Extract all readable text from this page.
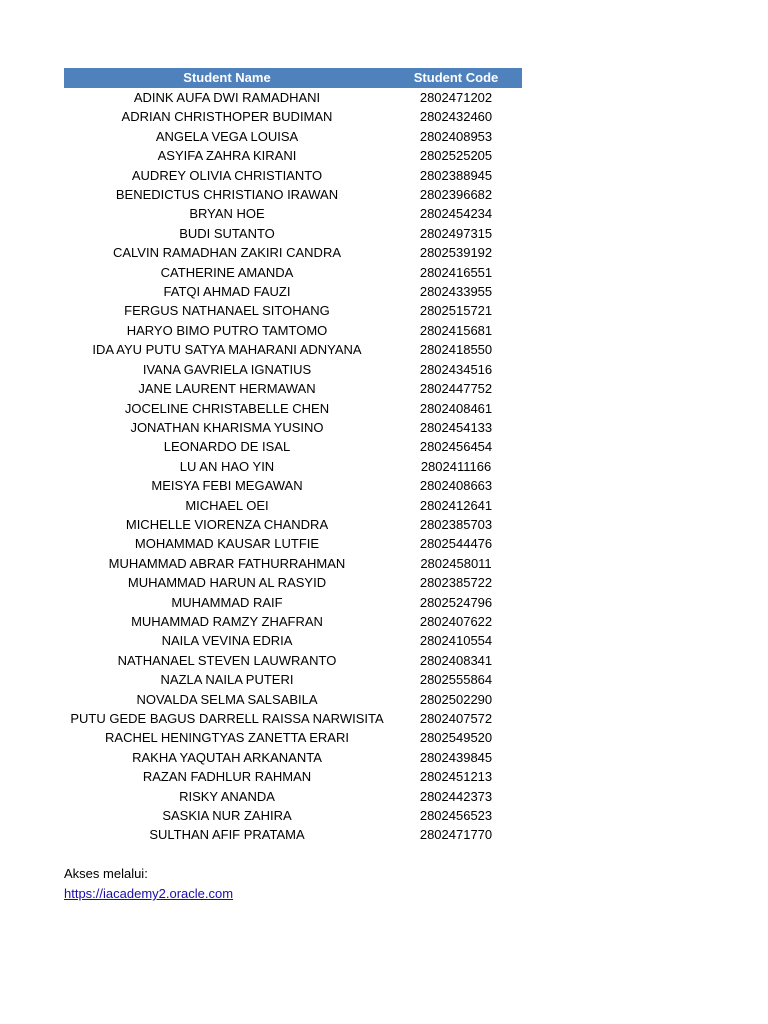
Student Name	Student Code
ADINK AUFA DWI RAMADHANI	2802471202
ADRIAN CHRISTHOPER BUDIMAN	2802432460
ANGELA VEGA LOUISA	2802408953
ASYIFA ZAHRA KIRANI	2802525205
AUDREY OLIVIA CHRISTIANTO	2802388945
BENEDICTUS CHRISTIANO IRAWAN	2802396682
BRYAN HOE	2802454234
BUDI SUTANTO	2802497315
CALVIN RAMADHAN ZAKIRI CANDRA	2802539192
CATHERINE AMANDA	2802416551
FATQI AHMAD FAUZI	2802433955
FERGUS NATHANAEL SITOHANG	2802515721
HARYO BIMO PUTRO TAMTOMO	2802415681
IDA AYU PUTU SATYA MAHARANI ADNYANA	2802418550
IVANA GAVRIELA IGNATIUS	2802434516
JANE LAURENT HERMAWAN	2802447752
JOCELINE CHRISTABELLE CHEN	2802408461
JONATHAN KHARISMA YUSINO	2802454133
LEONARDO DE ISAL	2802456454
LU AN HAO YIN	2802411166
MEISYA FEBI MEGAWAN	2802408663
MICHAEL OEI	2802412641
MICHELLE VIORENZA CHANDRA	2802385703
MOHAMMAD KAUSAR LUTFIE	2802544476
MUHAMMAD ABRAR FATHURRAHMAN	2802458011
MUHAMMAD HARUN AL RASYID	2802385722
MUHAMMAD RAIF	2802524796
MUHAMMAD RAMZY ZHAFRAN	2802407622
NAILA VEVINA EDRIA	2802410554
NATHANAEL STEVEN LAUWRANTO	2802408341
NAZLA NAILA PUTERI	2802555864
NOVALDA SELMA SALSABILA	2802502290
PUTU GEDE BAGUS DARRELL RAISSA NARWISITA	2802407572
RACHEL HENINGTYAS ZANETTA ERARI	2802549520
RAKHA YAQUTAH ARKANANTA	2802439845
RAZAN FADHLUR RAHMAN	2802451213
RISKY ANANDA	2802442373
SASKIA NUR ZAHIRA	2802456523
SULTHAN AFIF PRATAMA	2802471770
Akses melalui:
https://iacademy2.oracle.com
